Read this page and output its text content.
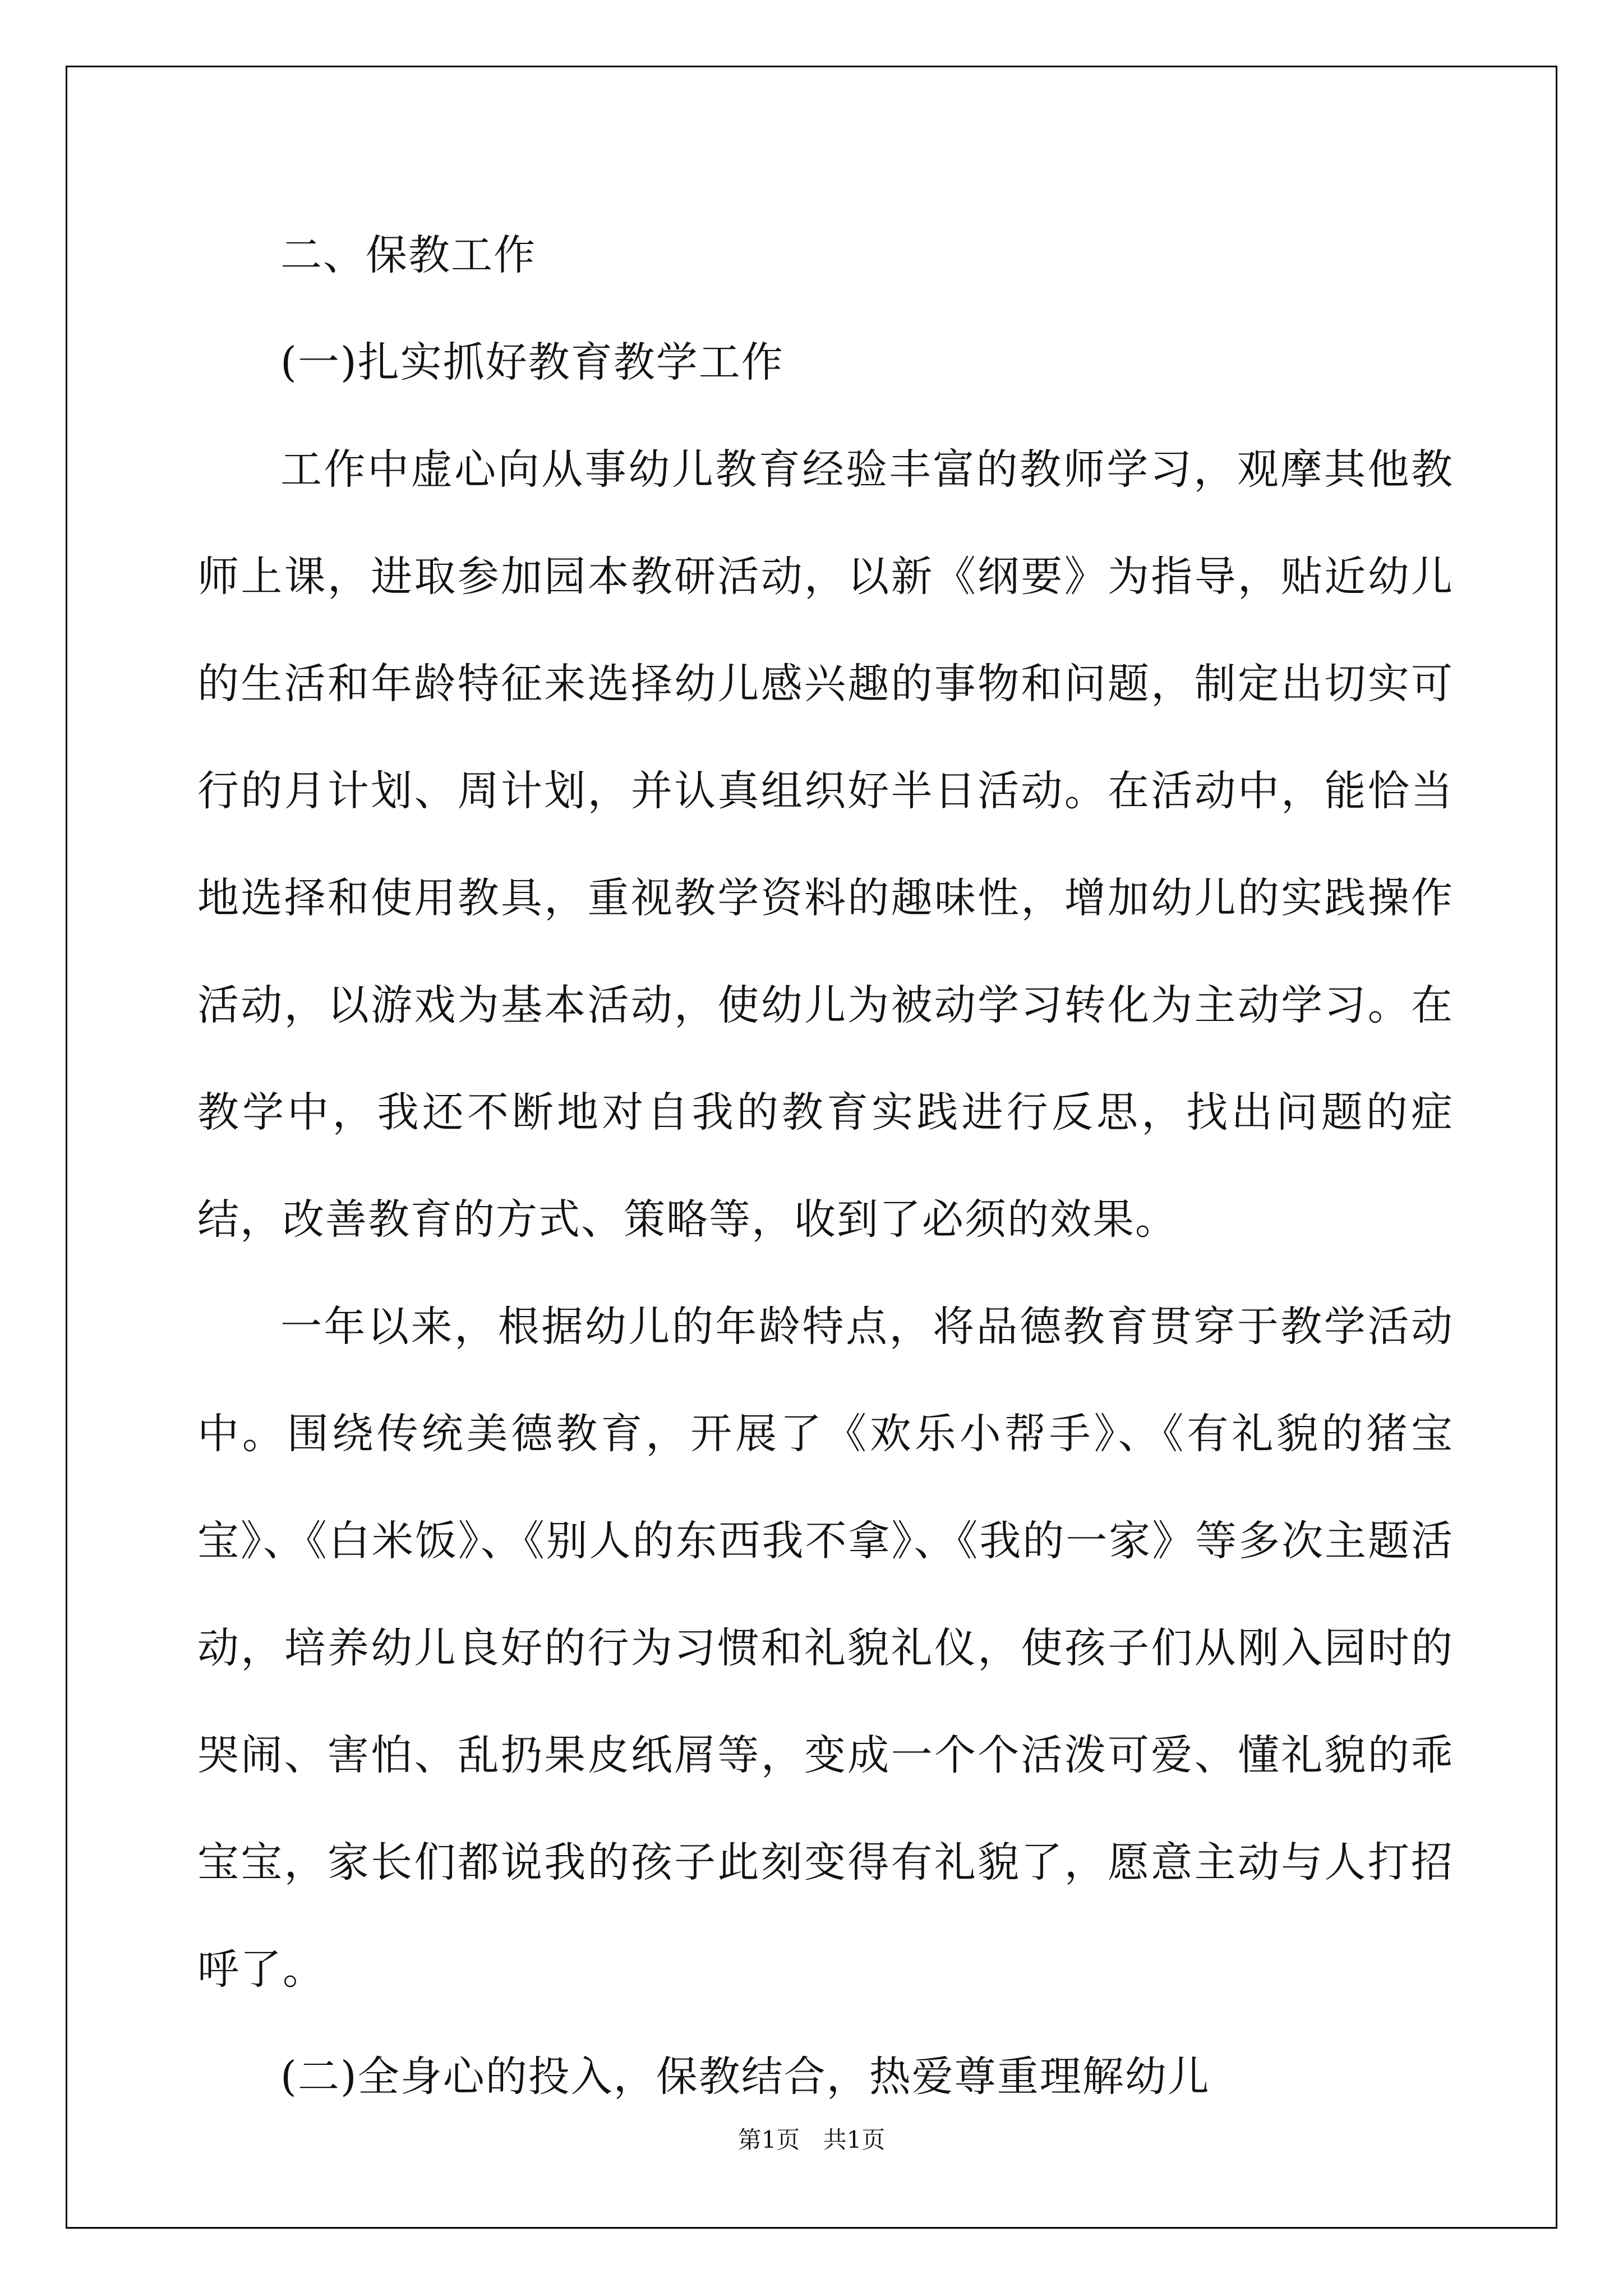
二、保教工作

(一)扎实抓好教育教学工作

工作中虚心向从事幼儿教育经验丰富的教师学习，观摩其他教师上课，进取参加园本教研活动，以新《纲要》为指导，贴近幼儿的生活和年龄特征来选择幼儿感兴趣的事物和问题，制定出切实可行的月计划、周计划，并认真组织好半日活动。在活动中，能恰当地选择和使用教具，重视教学资料的趣味性，增加幼儿的实践操作活动，以游戏为基本活动，使幼儿为被动学习转化为主动学习。在教学中，我还不断地对自我的教育实践进行反思，找出问题的症结，改善教育的方式、策略等，收到了必须的效果。

一年以来，根据幼儿的年龄特点，将品德教育贯穿于教学活动中。围绕传统美德教育，开展了《欢乐小帮手》、《有礼貌的猪宝宝》、《白米饭》、《别人的东西我不拿》、《我的一家》等多次主题活动，培养幼儿良好的行为习惯和礼貌礼仪，使孩子们从刚入园时的哭闹、害怕、乱扔果皮纸屑等，变成一个个活泼可爱、懂礼貌的乖宝宝，家长们都说我的孩子此刻变得有礼貌了，愿意主动与人打招呼了。

(二)全身心的投入，保教结合，热爱尊重理解幼儿

第1页 共1页
